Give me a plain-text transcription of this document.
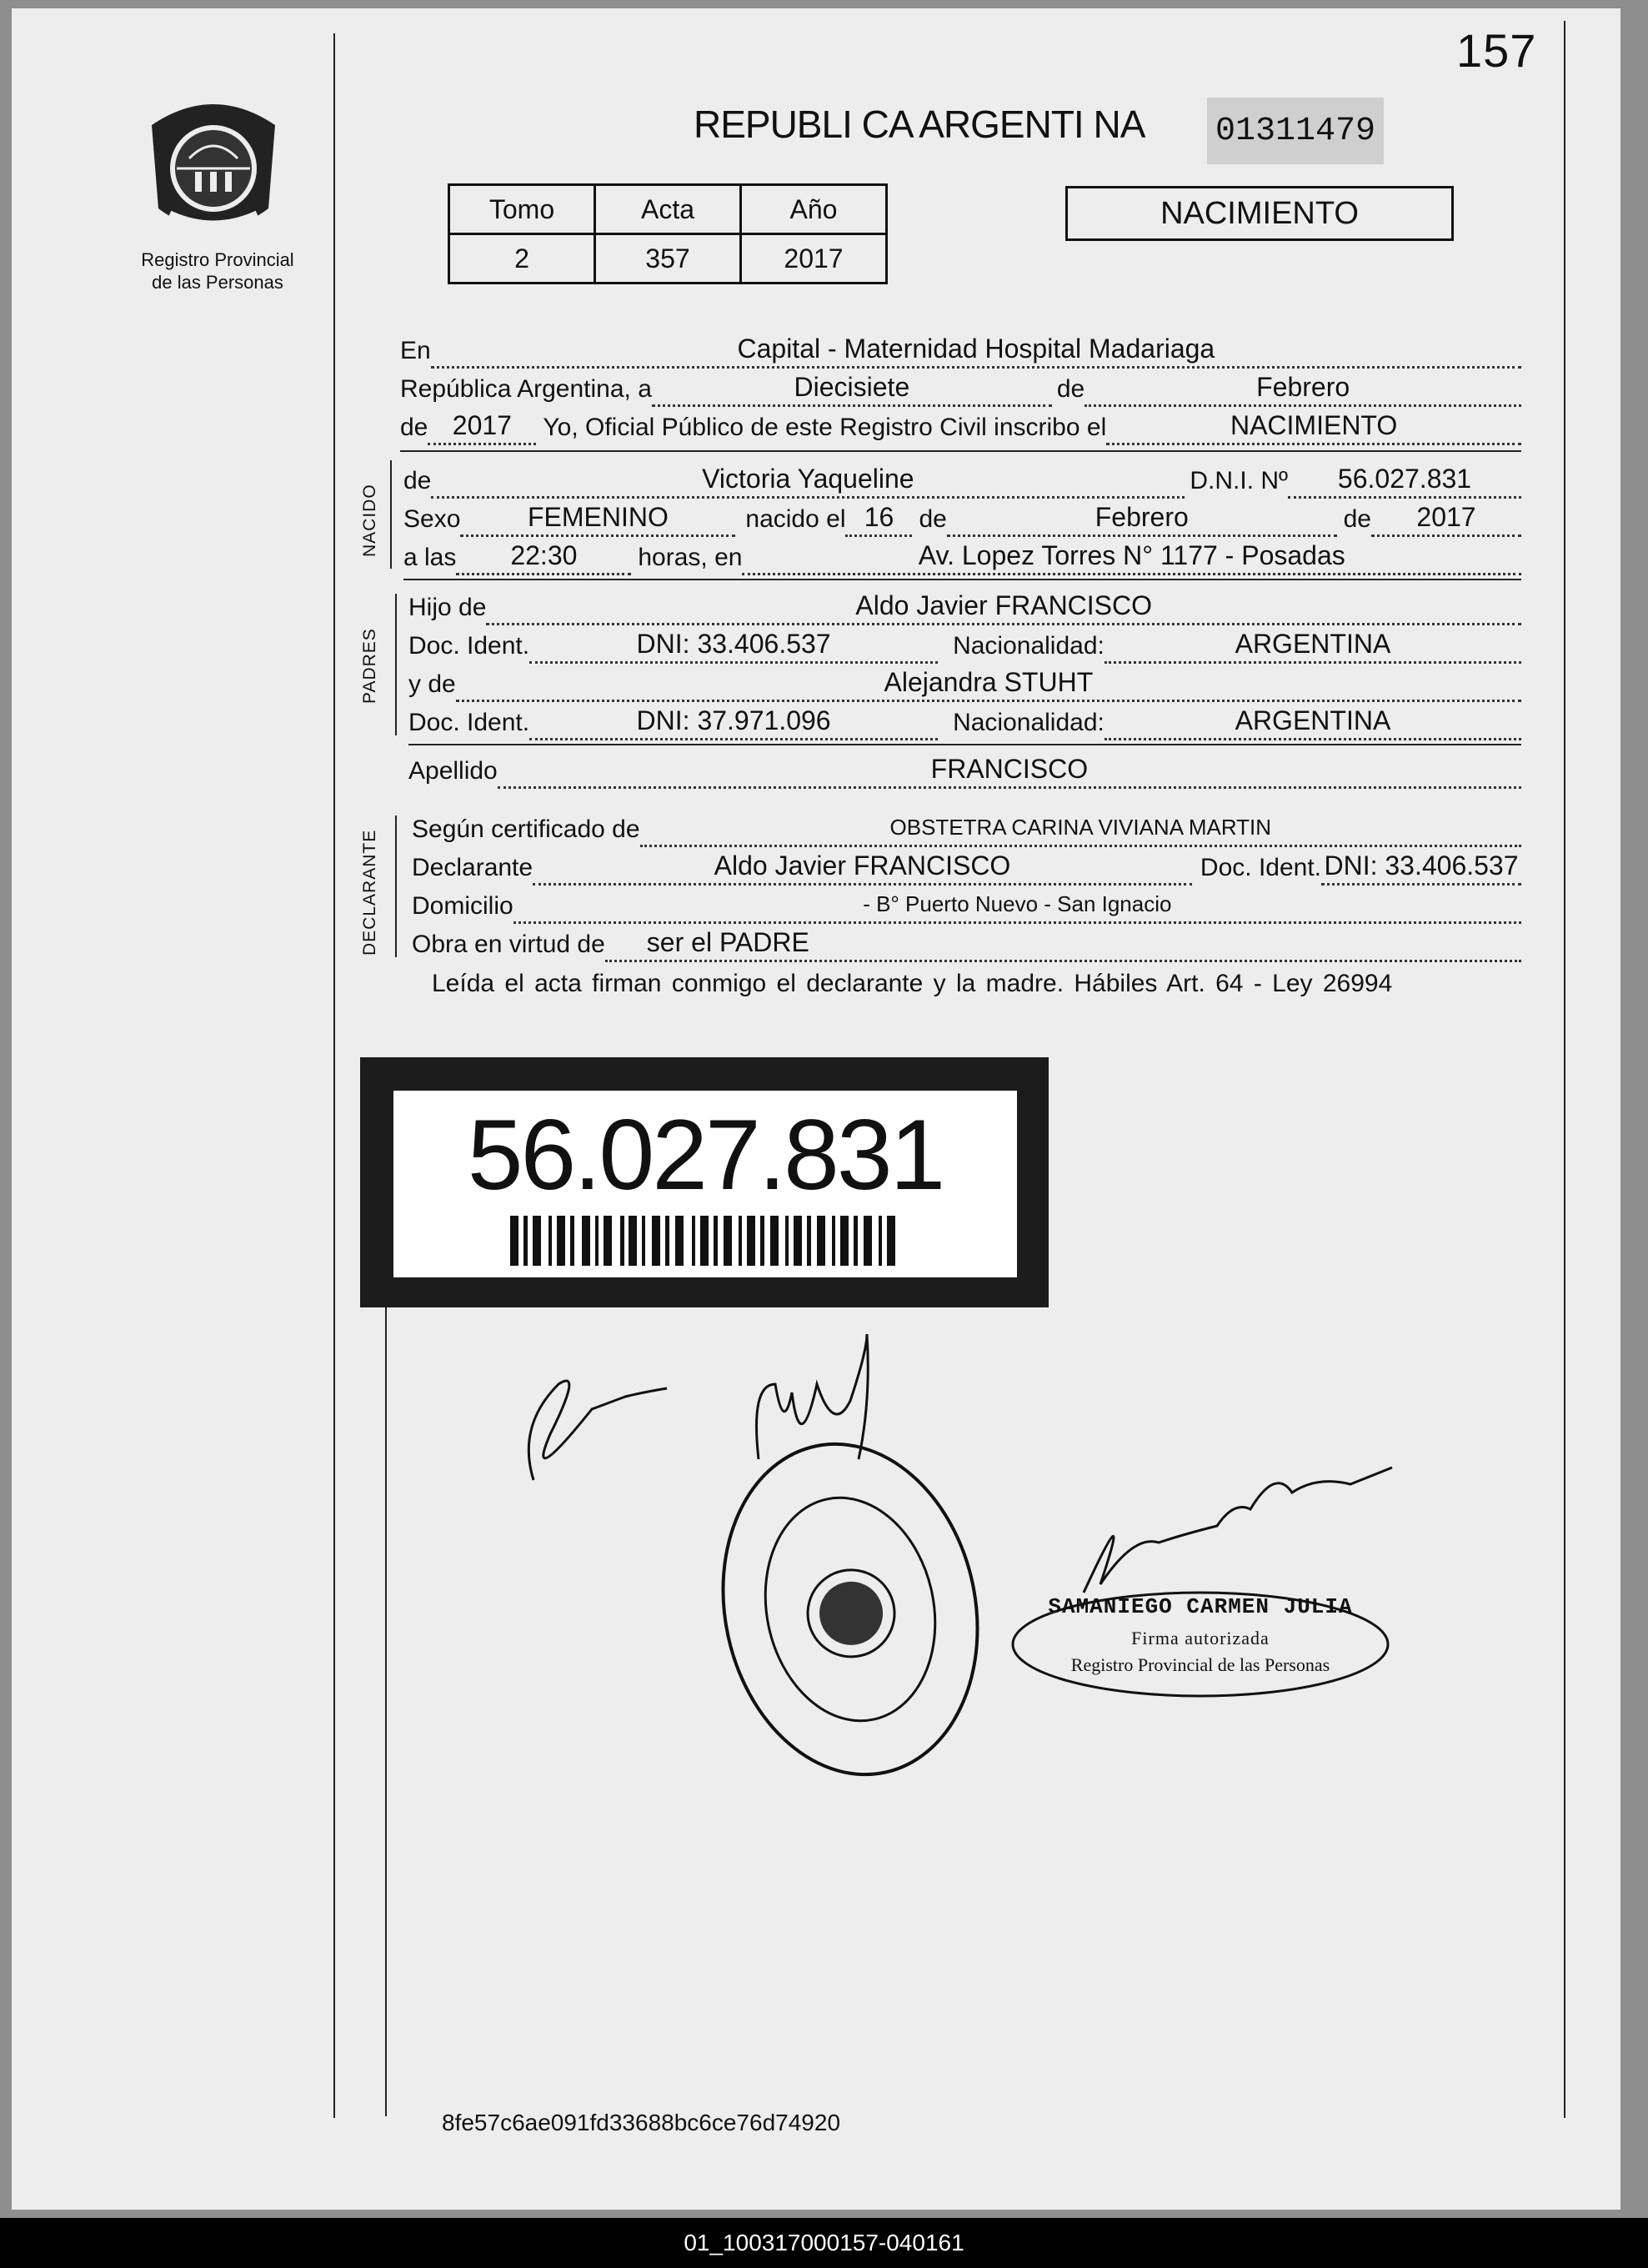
157
Registro Provincial
de las Personas
REPUBLI CA ARGENTI NA 01311479
Tomo	Acta	Año
2	357	2017
NACIMIENTO
En	Capital - Maternidad Hospital Madariaga
República Argentina, a	Diecisiete	de	Febrero
de 2017	Yo, Oficial Público de este Registro Civil inscribo el	NACIMIENTO
NACIDO
de	Victoria Yaqueline	D.N.I. Nº	56.027.831
Sexo	FEMENINO	nacido el 16	de	Febrero	de	2017
a las	22:30	horas, en	Av. Lopez Torres N° 1177 - Posadas
PADRES
Hijo de	Aldo Javier FRANCISCO
Doc. Ident.	DNI: 33.406.537	Nacionalidad:	ARGENTINA
y de	Alejandra STUHT
Doc. Ident.	DNI: 37.971.096	Nacionalidad:	ARGENTINA
Apellido	FRANCISCO
DECLARANTE
Según certificado de	OBSTETRA CARINA VIVIANA MARTIN
Declarante	Aldo Javier FRANCISCO	Doc. Ident. DNI: 33.406.537
Domicilio	- B° Puerto Nuevo - San Ignacio
Obra en virtud de	ser el PADRE
Leída el acta firman conmigo el declarante y la madre. Hábiles Art. 64 - Ley 26994
56.027.831
SAMANIEGO CARMEN JULIA
Firma autorizada
Registro Provincial de las Personas
8fe57c6ae091fd33688bc6ce76d74920
01_100317000157-040161
